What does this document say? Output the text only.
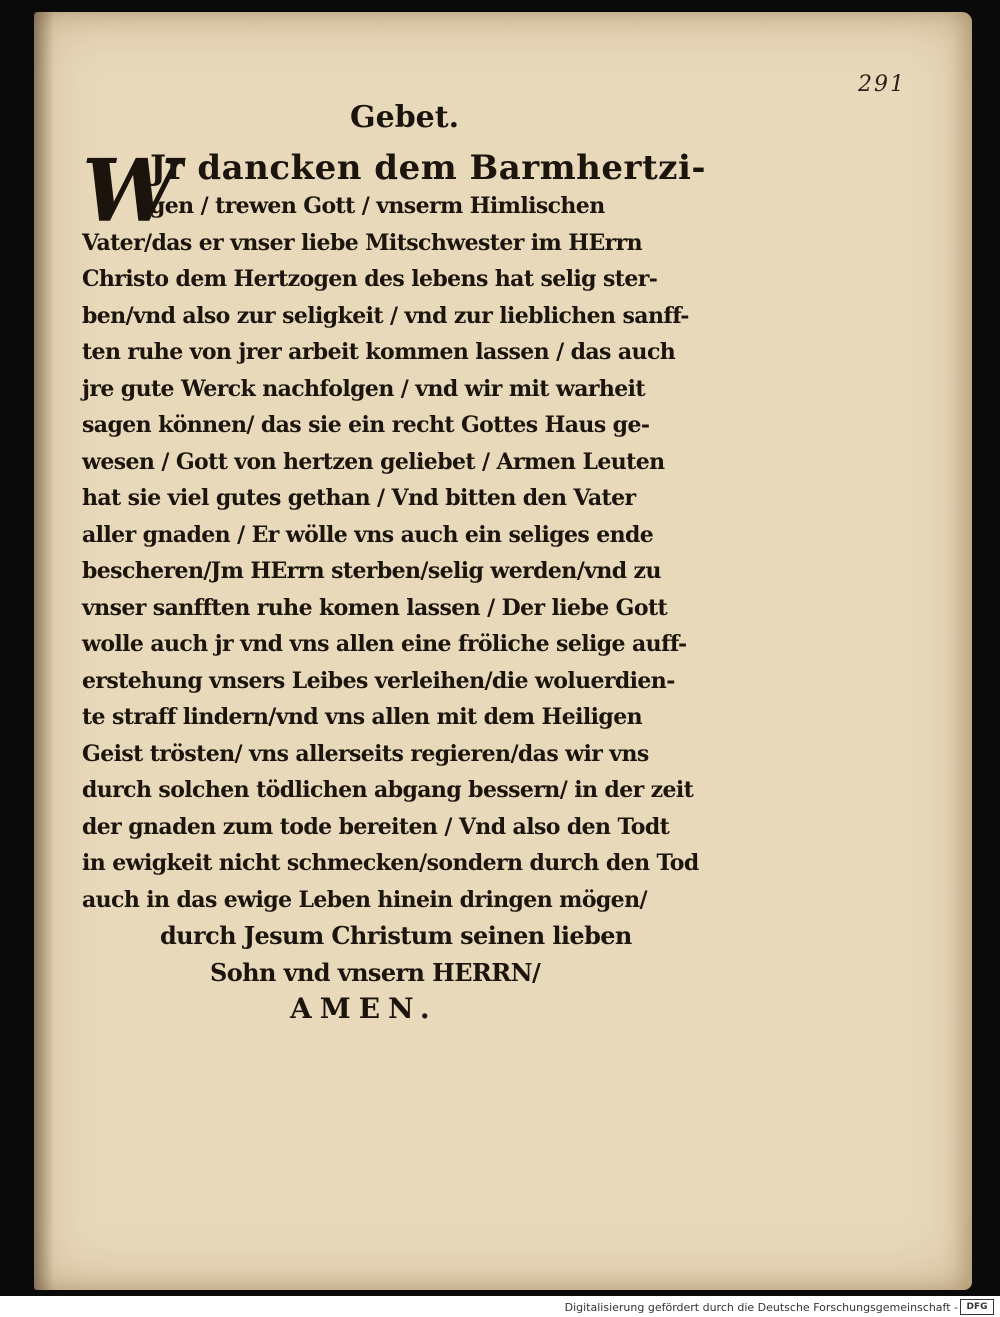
291
Gebet.
W
Jr dancken dem Barmhertzi-
gen / trewen Gott / vnserm Himlischen
Vater/das er vnser liebe Mitschwester im HErrn
Christo dem Hertzogen des lebens hat selig ster-
ben/vnd also zur seligkeit / vnd zur lieblichen sanff-
ten ruhe von jrer arbeit kommen lassen / das auch
jre gute Werck nachfolgen / vnd wir mit warheit
sagen können/ das sie ein recht Gottes Haus ge-
wesen / Gott von hertzen geliebet / Armen Leuten
hat sie viel gutes gethan / Vnd bitten den Vater
aller gnaden / Er wölle vns auch ein seliges ende
bescheren/Jm HErrn sterben/selig werden/vnd zu
vnser sanfften ruhe komen lassen / Der liebe Gott
wolle auch jr vnd vns allen eine fröliche selige auff-
erstehung vnsers Leibes verleihen/die woluerdien-
te straff lindern/vnd vns allen mit dem Heiligen
Geist trösten/ vns allerseits regieren/das wir vns
durch solchen tödlichen abgang bessern/ in der zeit
der gnaden zum tode bereiten / Vnd also den Todt
in ewigkeit nicht schmecken/sondern durch den Tod
auch in das ewige Leben hinein dringen mögen/
durch Jesum Christum seinen lieben
Sohn vnd vnsern HERRN/
AMEN.
Digitalisierung gefördert durch die Deutsche Forschungsgemeinschaft - DFG
